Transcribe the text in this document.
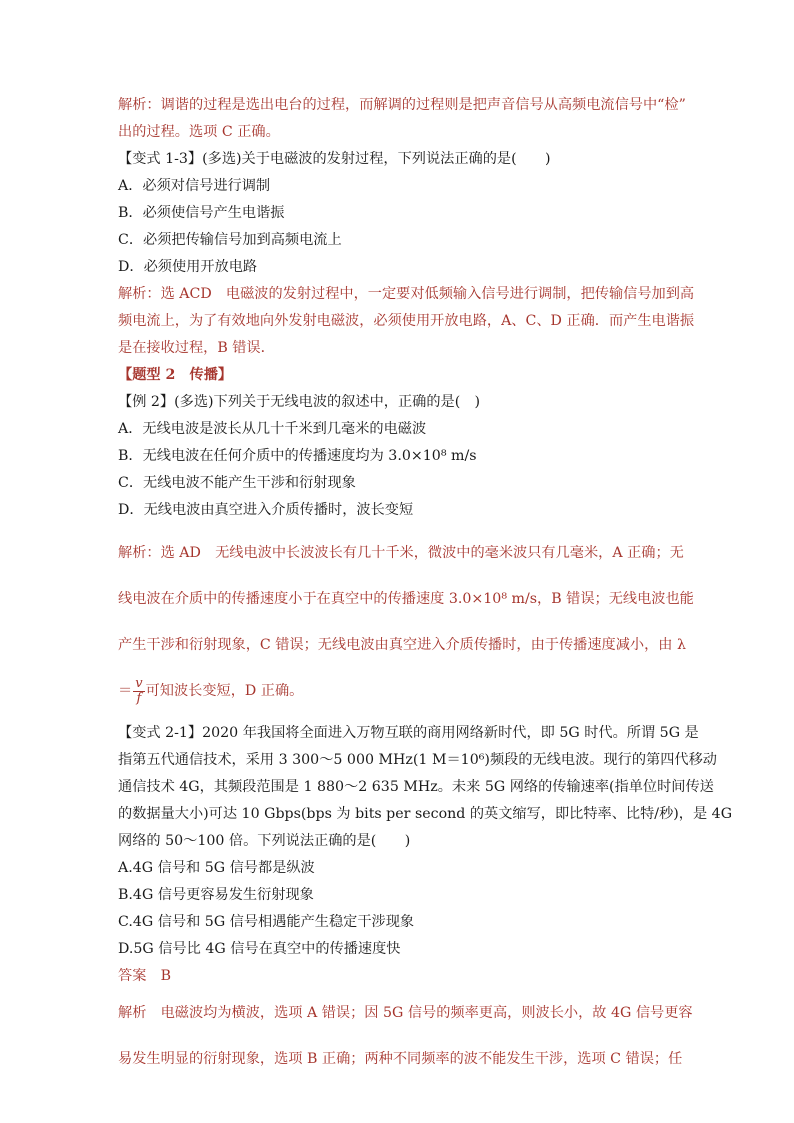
解析：调谐的过程是选出电台的过程，而解调的过程则是把声音信号从高频电流信号中“检”
出的过程。选项 C 正确。
【变式 1-3】(多选)关于电磁波的发射过程，下列说法正确的是(　　)
A．必须对信号进行调制
B．必须使信号产生电谐振
C．必须把传输信号加到高频电流上
D．必须使用开放电路
解析：选 ACD　电磁波的发射过程中，一定要对低频输入信号进行调制，把传输信号加到高
频电流上，为了有效地向外发射电磁波，必须使用开放电路，A、C、D 正确．而产生电谐振
是在接收过程，B 错误．
【题型 2　传播】
【例 2】(多选)下列关于无线电波的叙述中，正确的是(　)
A．无线电波是波长从几十千米到几毫米的电磁波
B．无线电波在任何介质中的传播速度均为 3.0×10⁸ m/s
C．无线电波不能产生干涉和衍射现象
D．无线电波由真空进入介质传播时，波长变短
解析：选 AD　无线电波中长波波长有几十千米，微波中的毫米波只有几毫米，A 正确；无
线电波在介质中的传播速度小于在真空中的传播速度 3.0×10⁸ m/s，B 错误；无线电波也能
产生干涉和衍射现象，C 错误；无线电波由真空进入介质传播时，由于传播速度减小，由 λ
＝ $\frac{v}{f}$ 可知波长变短，D 正确。
【变式 2-1】2020 年我国将全面进入万物互联的商用网络新时代，即 5G 时代。所谓 5G 是
指第五代通信技术，采用 3 300～5 000 MHz(1 M＝10⁶)频段的无线电波。现行的第四代移动
通信技术 4G，其频段范围是 1 880～2 635 MHz。未来 5G 网络的传输速率(指单位时间传送
的数据量大小)可达 10 Gbps(bps 为 bits per second 的英文缩写，即比特率、比特/秒)，是 4G
网络的 50～100 倍。下列说法正确的是(　　)
A.4G 信号和 5G 信号都是纵波
B.4G 信号更容易发生衍射现象
C.4G 信号和 5G 信号相遇能产生稳定干涉现象
D.5G 信号比 4G 信号在真空中的传播速度快
答案　B
解析　电磁波均为横波，选项 A 错误；因 5G 信号的频率更高，则波长小，故 4G 信号更容
易发生明显的衍射现象，选项 B 正确；两种不同频率的波不能发生干涉，选项 C 错误；任
